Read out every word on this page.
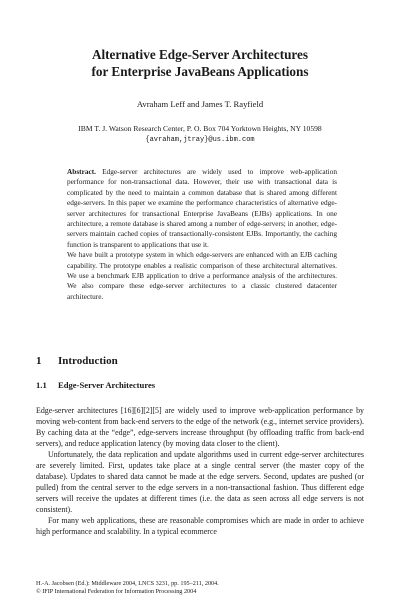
Alternative Edge-Server Architectures
for Enterprise JavaBeans Applications
Avraham Leff and James T. Rayfield
IBM T. J. Watson Research Center, P. O. Box 704 Yorktown Heights, NY 10598
{avraham,jtray}@us.ibm.com

Abstract. Edge-server architectures are widely used to improve web-application performance for non-transactional data. However, their use with transactional data is complicated by the need to maintain a common database that is shared among different edge-servers. In this paper we examine the performance characteristics of alternative edge-server architectures for transactional Enterprise JavaBeans (EJBs) applications. In one architecture, a remote database is shared among a number of edge-servers; in another, edge-servers maintain cached copies of transactionally-consistent EJBs. Importantly, the caching function is transparent to applications that use it.

We have built a prototype system in which edge-servers are enhanced with an EJB caching capability. The prototype enables a realistic comparison of these architectural alternatives. We use a benchmark EJB application to drive a performance analysis of the architectures. We also compare these edge-server architectures to a classic clustered datacenter architecture.

1 Introduction
1.1 Edge-Server Architectures

Edge-server architectures [16][6][2][5] are widely used to improve web-application performance by moving web-content from back-end servers to the edge of the network (e.g., internet service providers). By caching data at the “edge”, edge-servers increase throughput (by offloading traffic from back-end servers), and reduce application latency (by moving data closer to the client).

Unfortunately, the data replication and update algorithms used in current edge-server architectures are severely limited. First, updates take place at a single central server (the master copy of the database). Updates to shared data cannot be made at the edge servers. Second, updates are pushed (or pulled) from the central server to the edge servers in a non-transactional fashion. Thus different edge servers will receive the updates at different times (i.e. the data as seen across all edge servers is not consistent).

For many web applications, these are reasonable compromises which are made in order to achieve high performance and scalability. In a typical ecommerce

H.-A. Jacobsen (Ed.): Middleware 2004, LNCS 3231, pp. 195–211, 2004.

© IFIP International Federation for Information Processing 2004
